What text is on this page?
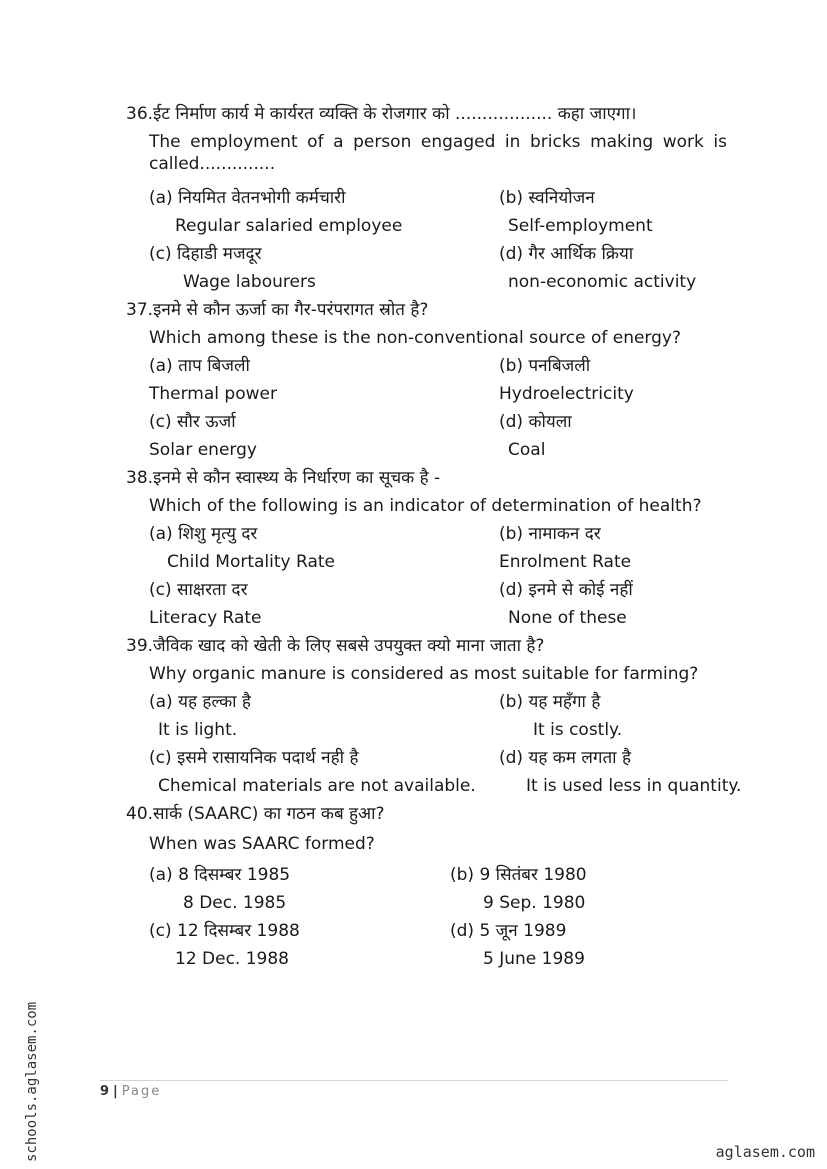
36.ईट निर्माण कार्य मे कार्यरत व्यक्ति के रोजगार को .................. कहा जाएगा।
The employment of a person engaged in bricks making work is called..............
(a) नियमित वेतनभोगी कर्मचारी	(b) स्वनियोजन
Regular salaried employee	Self-employment
(c) दिहाडी मजदूर	(d) गैर आर्थिक क्रिया
Wage labourers	non-economic activity
37.इनमे से कौन ऊर्जा का गैर-परंपरागत स्रोत है?
Which among these is the non-conventional source of energy?
(a) ताप बिजली	(b) पनबिजली
Thermal power	Hydroelectricity
(c) सौर ऊर्जा	(d) कोयला
Solar energy	Coal
38.इनमे से कौन स्वास्थ्य के निर्धारण का सूचक है -
Which of the following is an indicator of determination of health?
(a) शिशु मृत्यु दर	(b) नामाकन दर
Child Mortality Rate	Enrolment Rate
(c) साक्षरता दर	(d) इनमे से कोई नहीं
Literacy Rate	None of these
39.जैविक खाद को खेती के लिए सबसे उपयुक्त क्यो माना जाता है?
Why organic manure is considered as most suitable for farming?
(a) यह हल्का है	(b) यह महँगा है
It is light.	It is costly.
(c) इसमे रासायनिक पदार्थ नही है	(d) यह कम लगता है
Chemical materials are not available.	It is used less in quantity.
40.सार्क (SAARC) का गठन कब हुआ?
When was SAARC formed?
(a) 8 दिसम्बर 1985	(b) 9 सितंबर 1980
8 Dec. 1985	9 Sep. 1980
(c) 12 दिसम्बर 1988	(d) 5 जून 1989
12 Dec. 1988	5 June 1989
9 | Page
schools.aglasem.com	aglasem.com
